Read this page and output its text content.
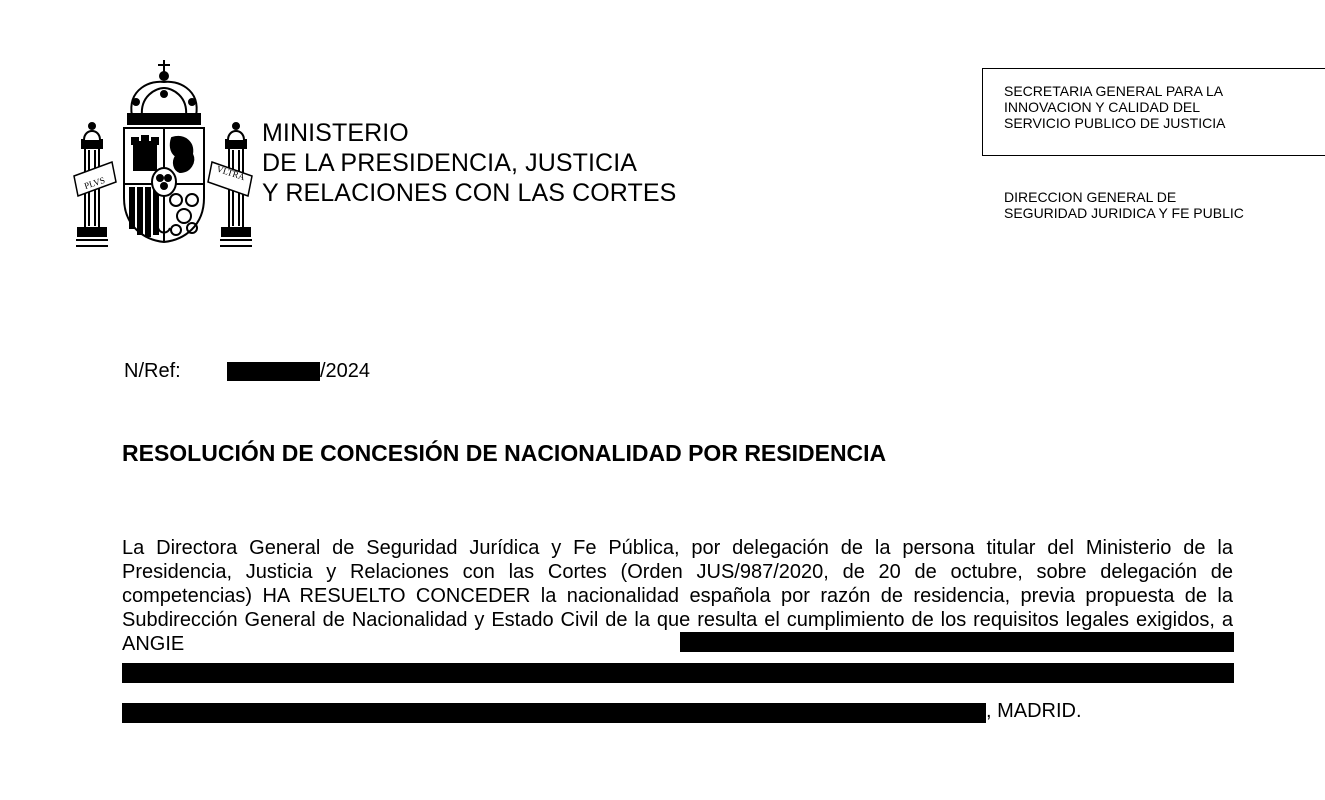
PLVS
VLTRA
MINISTERIO
DE LA PRESIDENCIA, JUSTICIA
Y RELACIONES CON LAS CORTES
SECRETARIA GENERAL PARA LA
INNOVACION Y CALIDAD DEL
SERVICIO PUBLICO DE JUSTICIA
DIRECCION GENERAL DE
SEGURIDAD JURIDICA Y FE PUBLIC
N/Ref:	/2024
RESOLUCIÓN DE CONCESIÓN DE NACIONALIDAD POR RESIDENCIA
La Directora General de Seguridad Jurídica y Fe Pública, por delegación de la persona titular del Ministerio de la Presidencia, Justicia y Relaciones con las Cortes (Orden JUS/987/2020, de 20 de octubre, sobre delegación de competencias) HA RESUELTO CONCEDER la nacionalidad española por razón de residencia, previa propuesta de la Subdirección General de Nacionalidad y Estado Civil de la que resulta el cumplimiento de los requisitos legales exigidos, a ANGIE
, MADRID.
